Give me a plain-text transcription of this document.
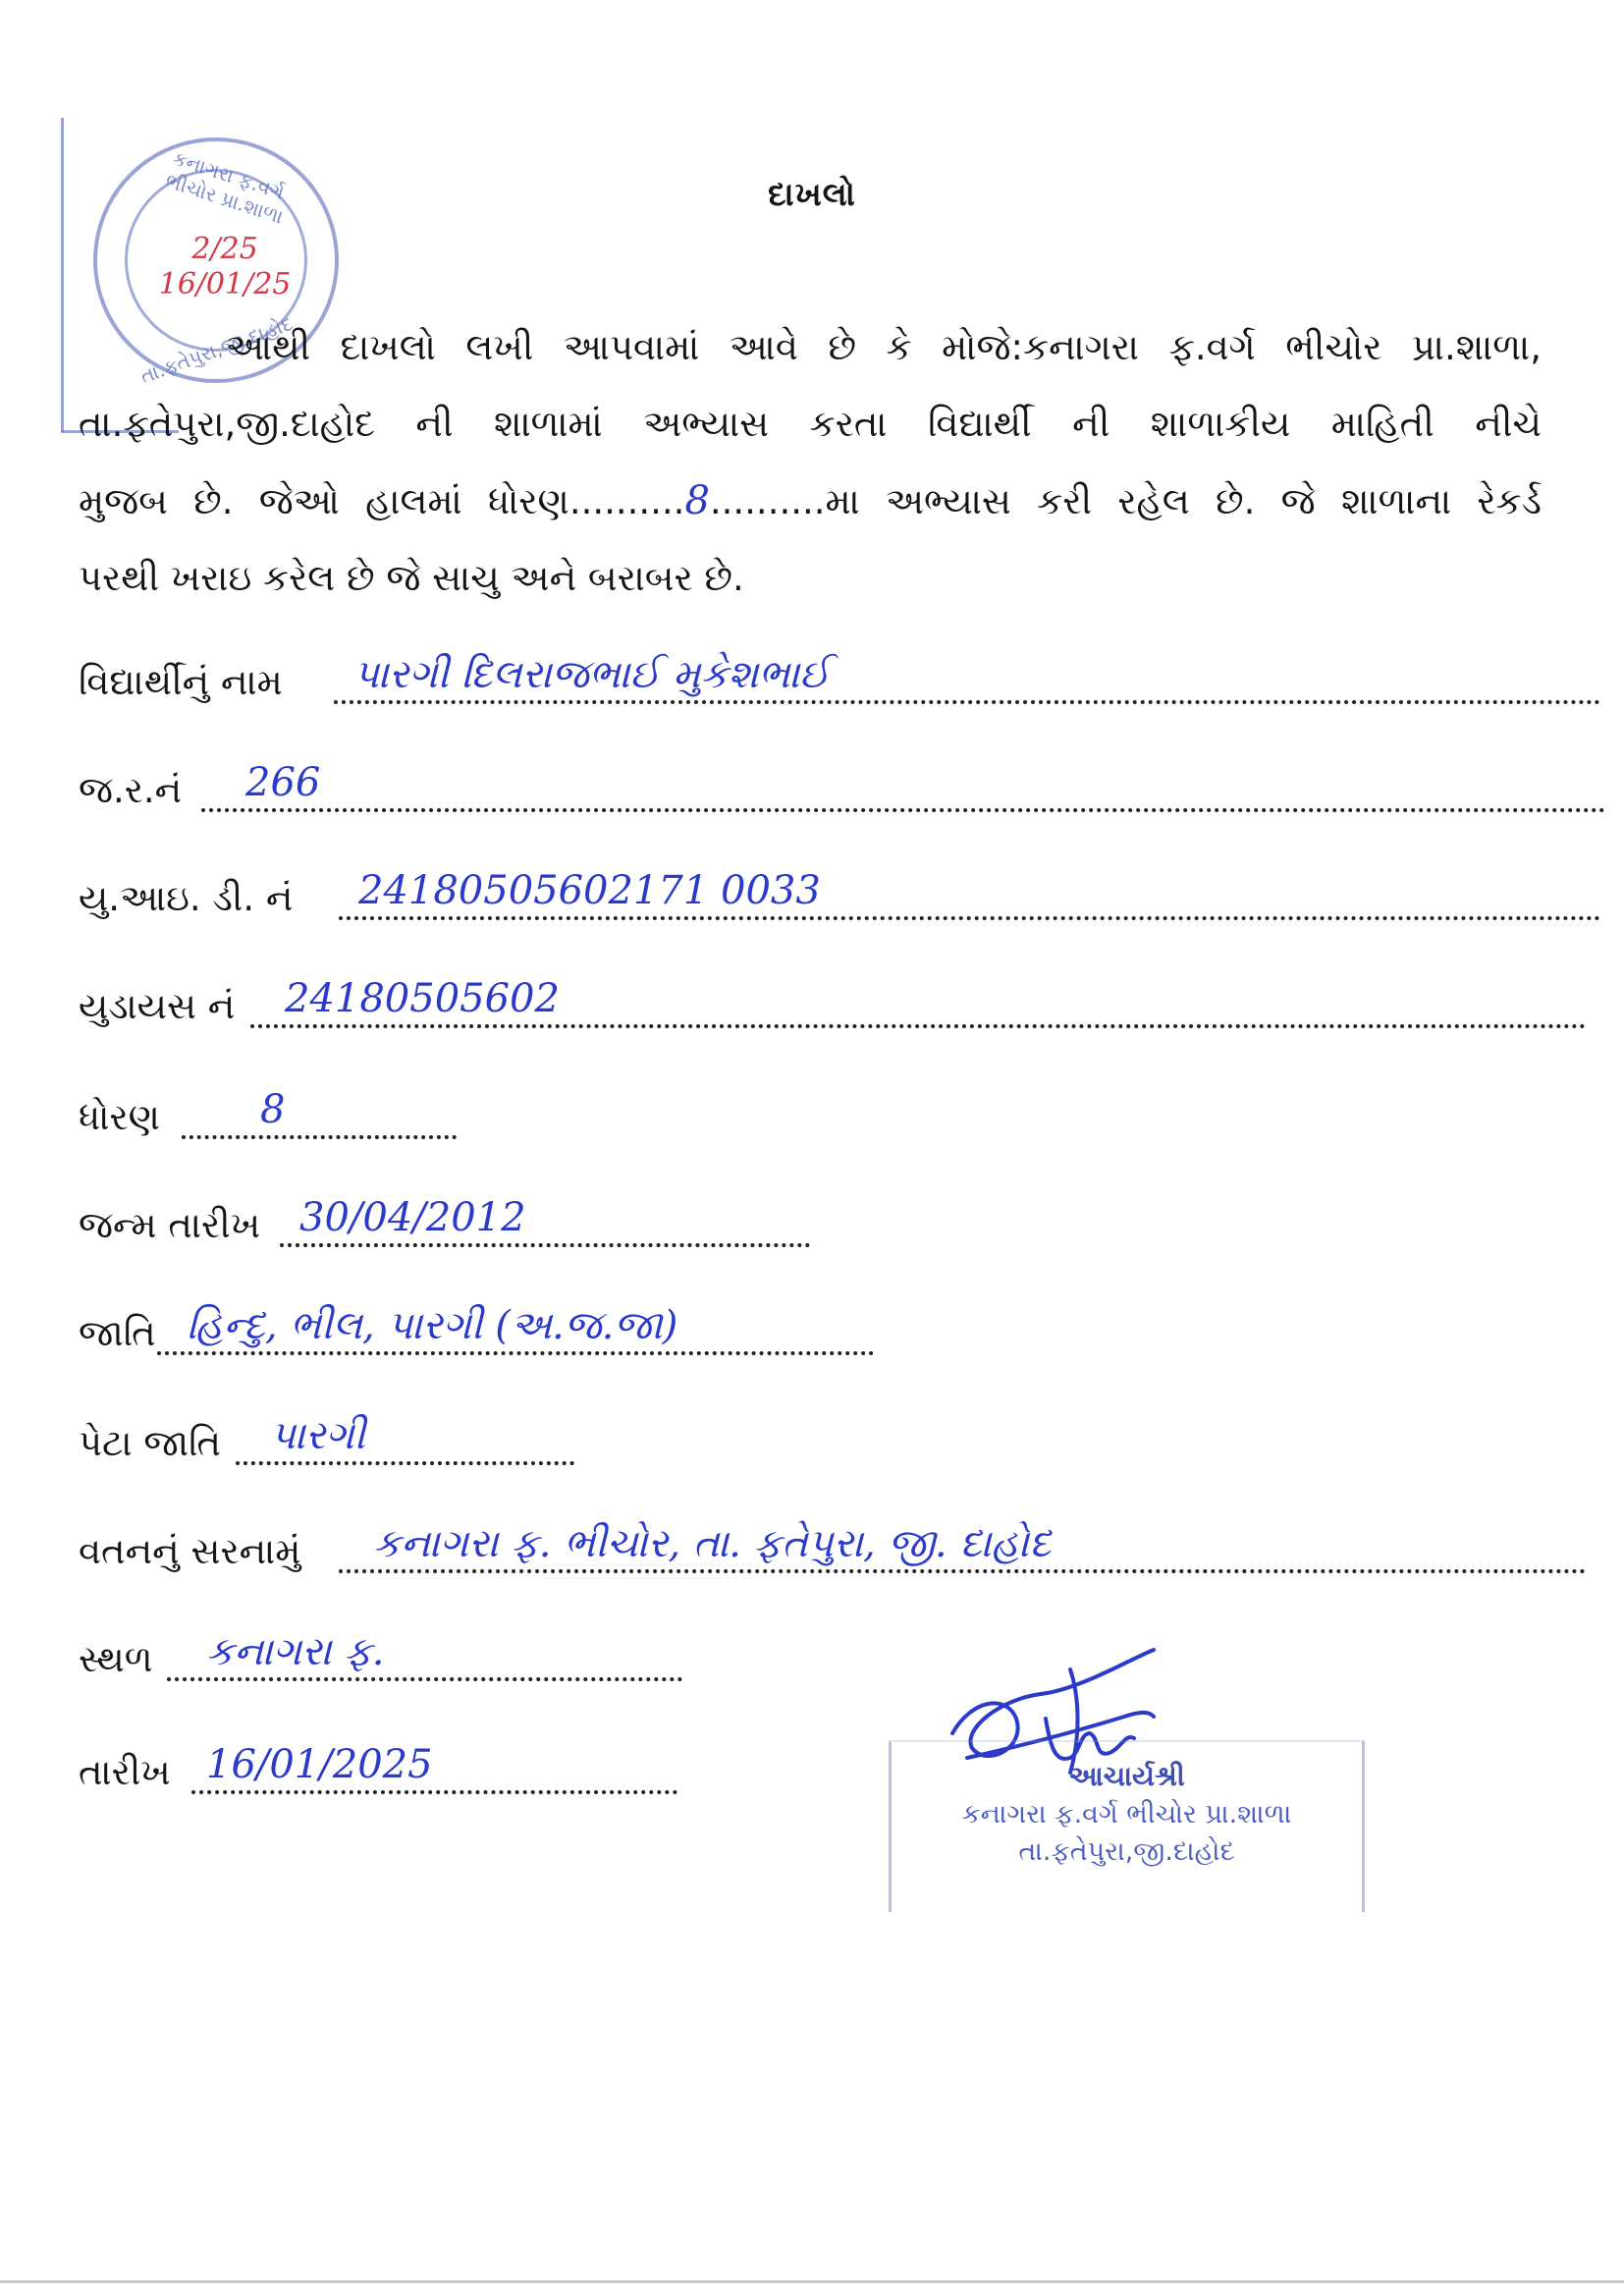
કનાગરા ફ.વર્ગ ભીચોર પ્રા.શાળા
તા.ફતેપુરા,જી.દાહોદ
2/25
16/01/25
દાખલો
આથી દાખલો લખી આપવામાં આવે છે કે મોજે:કનાગરા ફ.વર્ગ ભીચોર પ્રા.શાળા,
તા.ફતેપુરા,જી.દાહોદ ની શાળામાં અભ્યાસ કરતા વિદ્યાર્થી ની શાળાકીય માહિતી નીચે
મુજબ છે. જેઓ હાલમાં ધોરણ..........8..........મા અભ્યાસ કરી રહેલ છે. જે શાળાના રેકર્ડ
પરથી ખરાઇ કરેલ છે જે સાચુ અને બરાબર છે.
વિદ્યાર્થીનું નામ પારગી દિલરાજભાઈ મુકેશભાઈ
જ.ર.નં 266
યુ.આઇ. ડી. નં 24180505602171 0033
યુડાયસ નં 24180505602
ધોરણ	8
જન્મ તારીખ 30/04/2012
જાતિ હિન્દુ, ભીલ, પારગી (અ.જ.જા)
પેટા જાતિ પારગી
વતનનું સરનામું કનાગરા ફ. ભીચોર, તા. ફતેપુરા, જી. દાહોદ
સ્થળ કનાગરા ફ.
તારીખ 16/01/2025	આચાર્યશ્રી
કનાગરા ફ.વર્ગ ભીચોર પ્રા.શાળા
તા.ફતેપુરા,જી.દાહોદ
